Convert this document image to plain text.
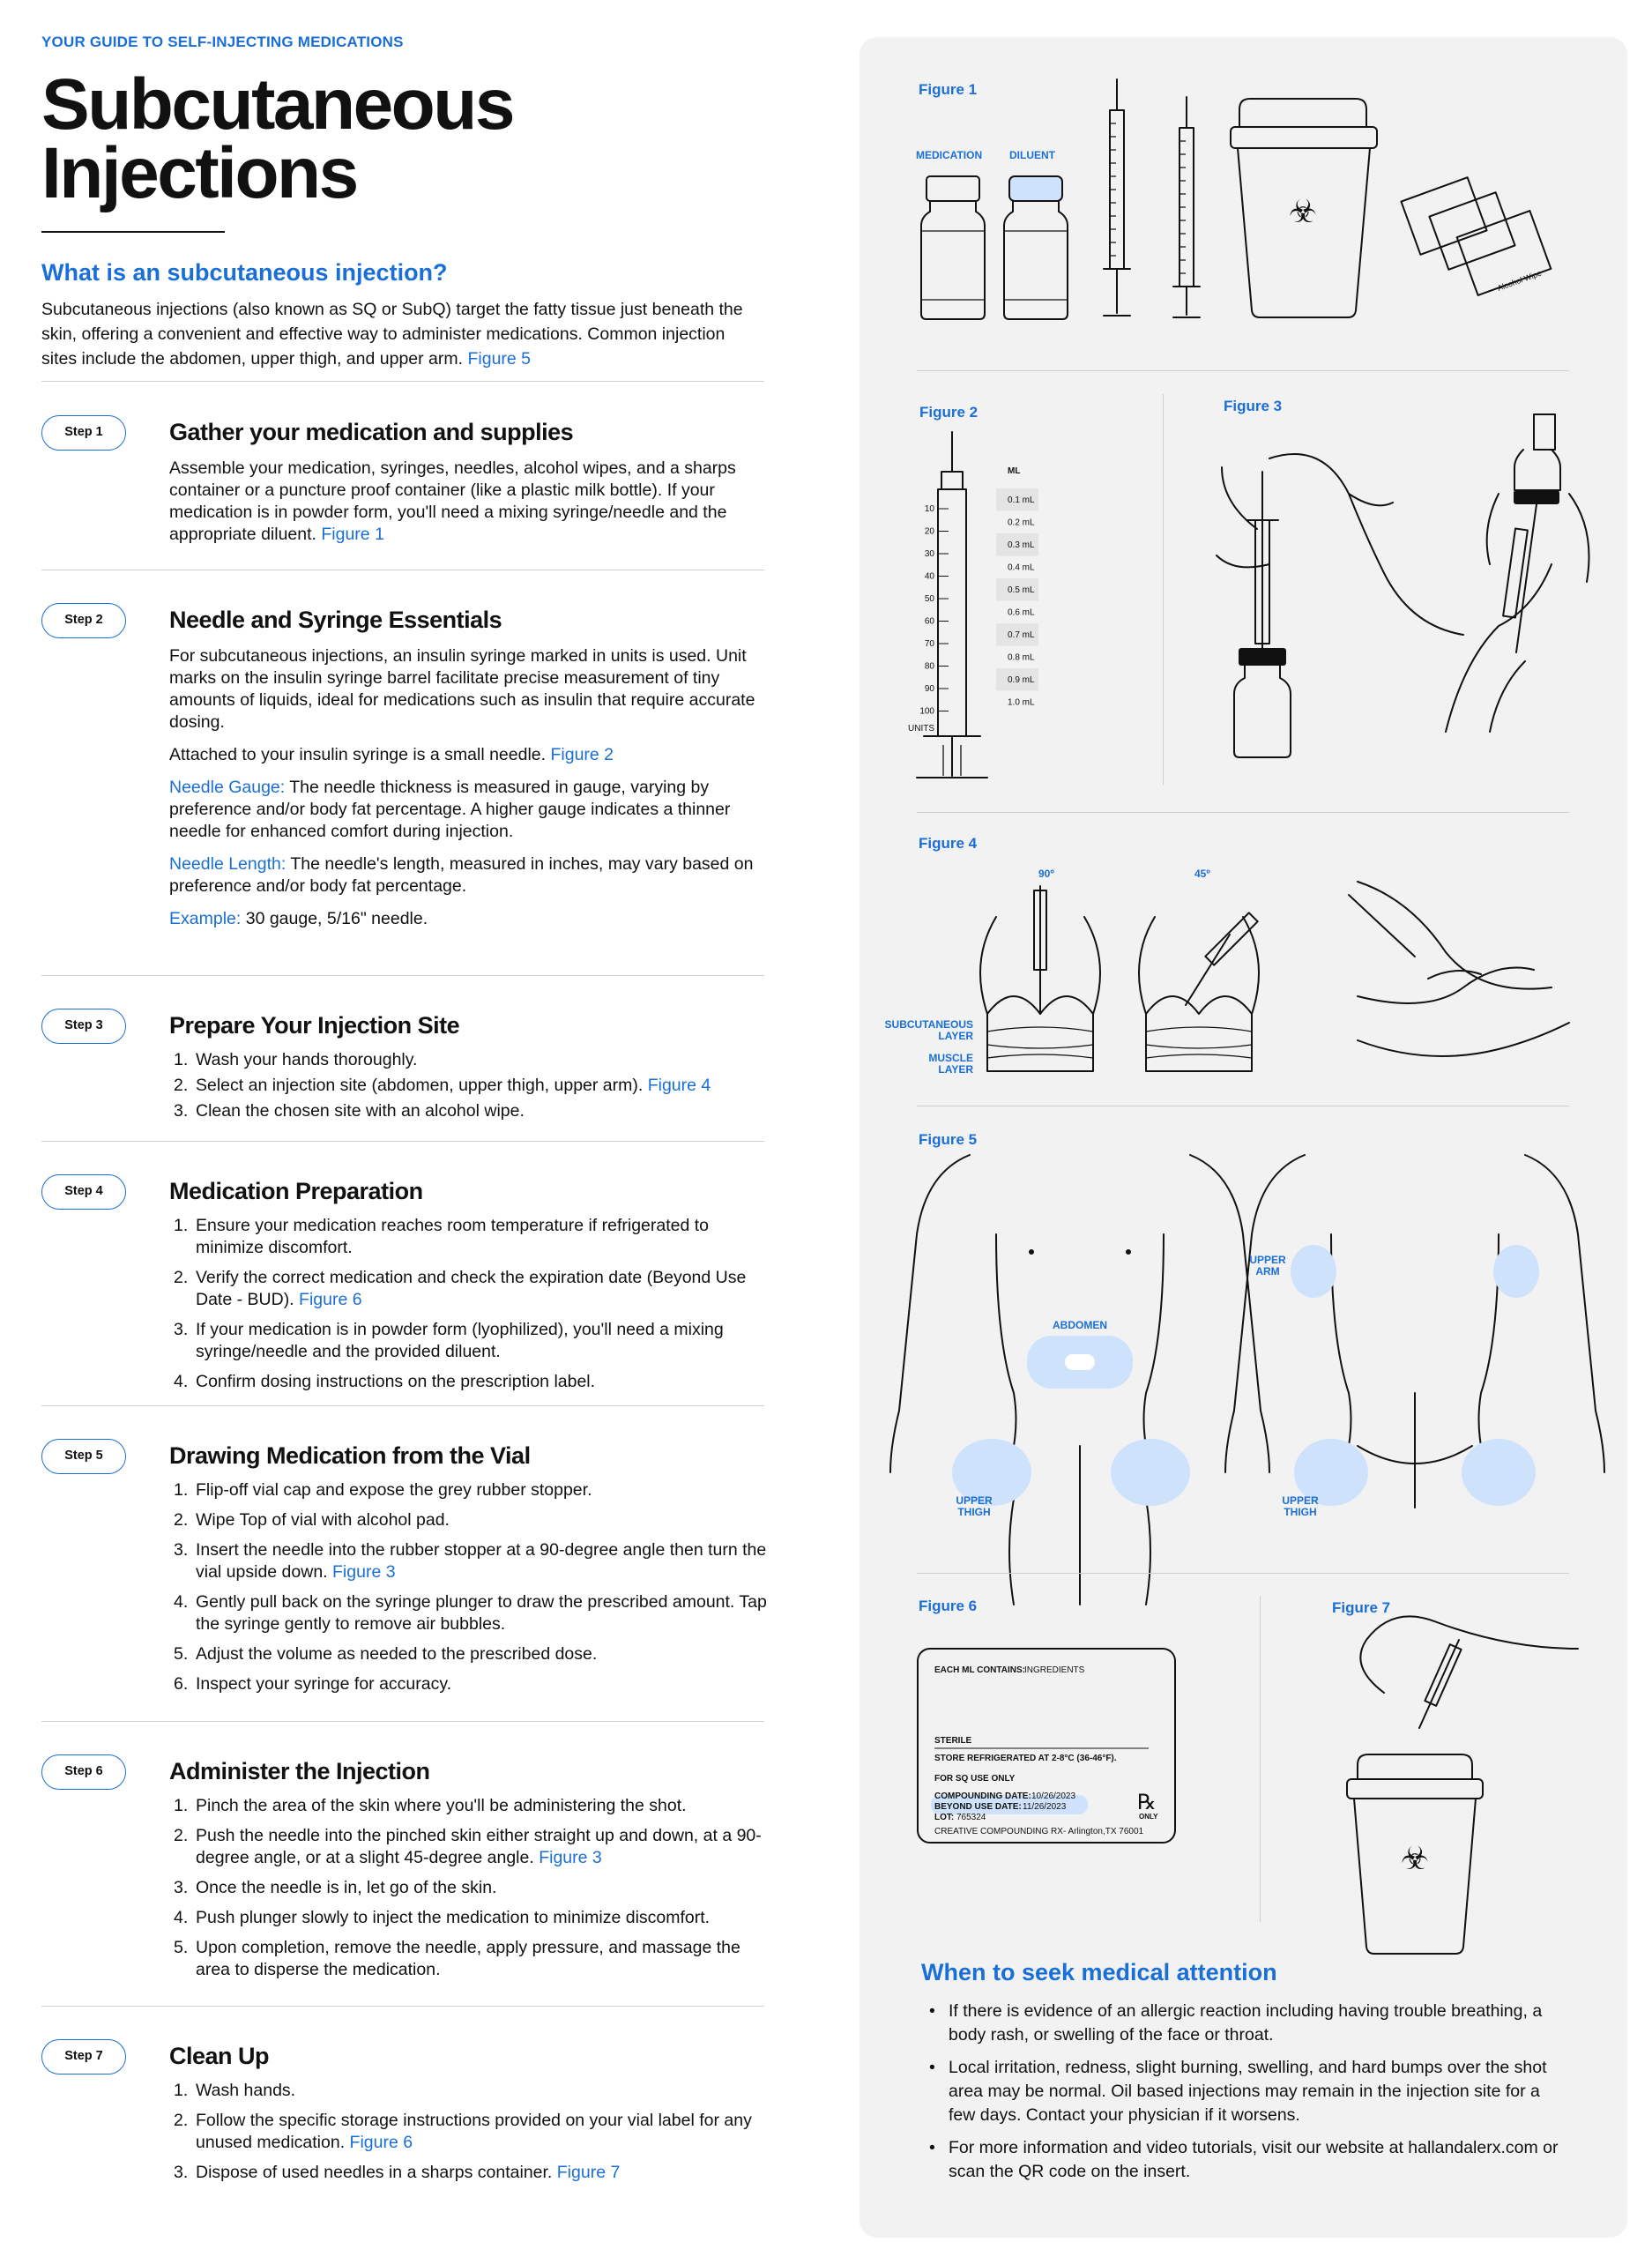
YOUR GUIDE TO SELF-INJECTING MEDICATIONS
Subcutaneous
Injections
What is an subcutaneous injection?
Subcutaneous injections (also known as SQ or SubQ) target the fatty tissue just beneath the skin, offering a convenient and effective way to administer medications. Common injection sites include the abdomen, upper thigh, and upper arm. Figure 5
Step 1	Gather your medication and supplies

Assemble your medication, syringes, needles, alcohol wipes, and a sharps container or a puncture proof container (like a plastic milk bottle). If your medication is in powder form, you'll need a mixing syringe/needle and the appropriate diluent. Figure 1

Step 2	Needle and Syringe Essentials

For subcutaneous injections, an insulin syringe marked in units is used. Unit marks on the insulin syringe barrel facilitate precise measurement of tiny amounts of liquids, ideal for medications such as insulin that require accurate dosing.

Attached to your insulin syringe is a small needle. Figure 2

Needle Gauge: The needle thickness is measured in gauge, varying by preference and/or body fat percentage. A higher gauge indicates a thinner needle for enhanced comfort during injection.

Needle Length: The needle's length, measured in inches, may vary based on preference and/or body fat percentage.

Example: 30 gauge, 5/16" needle.

Step 3	Prepare Your Injection Site
1. Wash your hands thoroughly.
2. Select an injection site (abdomen, upper thigh, upper arm). Figure 4
3. Clean the chosen site with an alcohol wipe.
Step 4	Medication Preparation
1. Ensure your medication reaches room temperature if refrigerated to minimize discomfort.
2. Verify the correct medication and check the expiration date (Beyond Use Date - BUD). Figure 6
3. If your medication is in powder form (lyophilized), you'll need a mixing syringe/needle and the provided diluent.
4. Confirm dosing instructions on the prescription label.
Step 5	Drawing Medication from the Vial
1. Flip-off vial cap and expose the grey rubber stopper.
2. Wipe Top of vial with alcohol pad.
3. Insert the needle into the rubber stopper at a 90-degree angle then turn the vial upside down. Figure 3
4. Gently pull back on the syringe plunger to draw the prescribed amount. Tap the syringe gently to remove air bubbles.
5. Adjust the volume as needed to the prescribed dose.
6. Inspect your syringe for accuracy.
Step 6	Administer the Injection
1. Pinch the area of the skin where you'll be administering the shot.
2. Push the needle into the pinched skin either straight up and down, at a 90-degree angle, or at a slight 45-degree angle. Figure 3
3. Once the needle is in, let go of the skin.
4. Push plunger slowly to inject the medication to minimize discomfort.
5. Upon completion, remove the needle, apply pressure, and massage the area to disperse the medication.
Step 7	Clean Up
1. Wash hands.
2. Follow the specific storage instructions provided on your vial label for any unused medication. Figure 6
3. Dispose of used needles in a sharps container. Figure 7
Figure 1
MEDICATION	DILUENT
☣
Alcohol Wipe
ML
0.1 mL
0.2 mL
0.3 mL
0.4 mL
0.5 mL
0.6 mL
0.7 mL
0.8 mL
0.9 mL
1.0 mL
10
20
30
40
50
60
70
80
90
100
UNITS
90º	45º
SUBCUTANEOUS
LAYER
MUSCLE
LAYER
ABDOMEN
UPPER
THIGH
UPPER
ARM
UPPER
THIGH
EACH ML CONTAINS: INGREDIENTS
STERILE
STORE REFRIGERATED AT 2-8°C (36-46°F).
FOR SQ USE ONLY
COMPOUNDING DATE: 10/26/2023
BEYOND USE DATE: 11/26/2023
LOT: 765324
CREATIVE COMPOUNDING RX- Arlington,TX 76001
℞
ONLY
☣
Figure 2	Figure 3
Figure 4
Figure 5
Figure 6	Figure 7
When to seek medical attention
• If there is evidence of an allergic reaction including having trouble breathing, a body rash, or swelling of the face or throat.
• Local irritation, redness, slight burning, swelling, and hard bumps over the shot area may be normal. Oil based injections may remain in the injection site for a few days. Contact your physician if it worsens.
• For more information and video tutorials, visit our website at hallandalerx.com or scan the QR code on the insert.
